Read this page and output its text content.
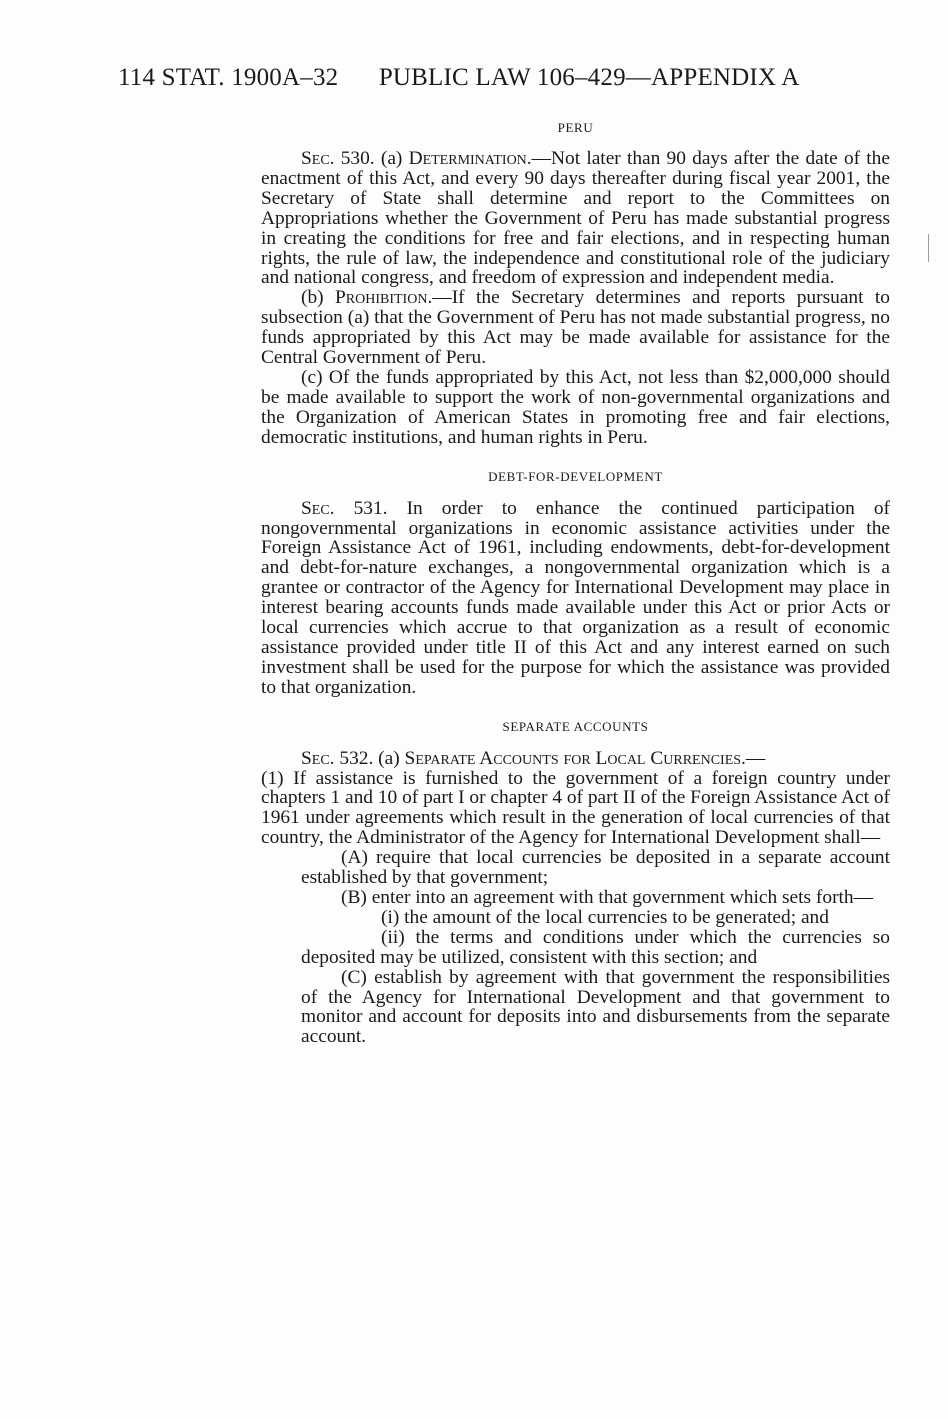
114 STAT. 1900A–32 PUBLIC LAW 106–429—APPENDIX A
PERU

Sec. 530. (a) Determination.—Not later than 90 days after the date of the enactment of this Act, and every 90 days thereafter during fiscal year 2001, the Secretary of State shall determine and report to the Committees on Appropriations whether the Government of Peru has made substantial progress in creating the conditions for free and fair elections, and in respecting human rights, the rule of law, the independence and constitutional role of the judiciary and national congress, and freedom of expression and independent media.

(b) Prohibition.—If the Secretary determines and reports pursuant to subsection (a) that the Government of Peru has not made substantial progress, no funds appropriated by this Act may be made available for assistance for the Central Government of Peru.

(c) Of the funds appropriated by this Act, not less than $2,000,000 should be made available to support the work of non-governmental organizations and the Organization of American States in promoting free and fair elections, democratic institutions, and human rights in Peru.

DEBT-FOR-DEVELOPMENT

Sec. 531. In order to enhance the continued participation of nongovernmental organizations in economic assistance activities under the Foreign Assistance Act of 1961, including endowments, debt-for-development and debt-for-nature exchanges, a nongovernmental organization which is a grantee or contractor of the Agency for International Development may place in interest bearing accounts funds made available under this Act or prior Acts or local currencies which accrue to that organization as a result of economic assistance provided under title II of this Act and any interest earned on such investment shall be used for the purpose for which the assistance was provided to that organization.

SEPARATE ACCOUNTS

Sec. 532. (a) Separate Accounts for Local Currencies.—

(1) If assistance is furnished to the government of a foreign country under chapters 1 and 10 of part I or chapter 4 of part II of the Foreign Assistance Act of 1961 under agreements which result in the generation of local currencies of that country, the Administrator of the Agency for International Development shall—

(A) require that local currencies be deposited in a separate account established by that government;

(B) enter into an agreement with that government which sets forth—

(i) the amount of the local currencies to be generated; and

(ii) the terms and conditions under which the currencies so deposited may be utilized, consistent with this section; and

(C) establish by agreement with that government the responsibilities of the Agency for International Development and that government to monitor and account for deposits into and disbursements from the separate account.
